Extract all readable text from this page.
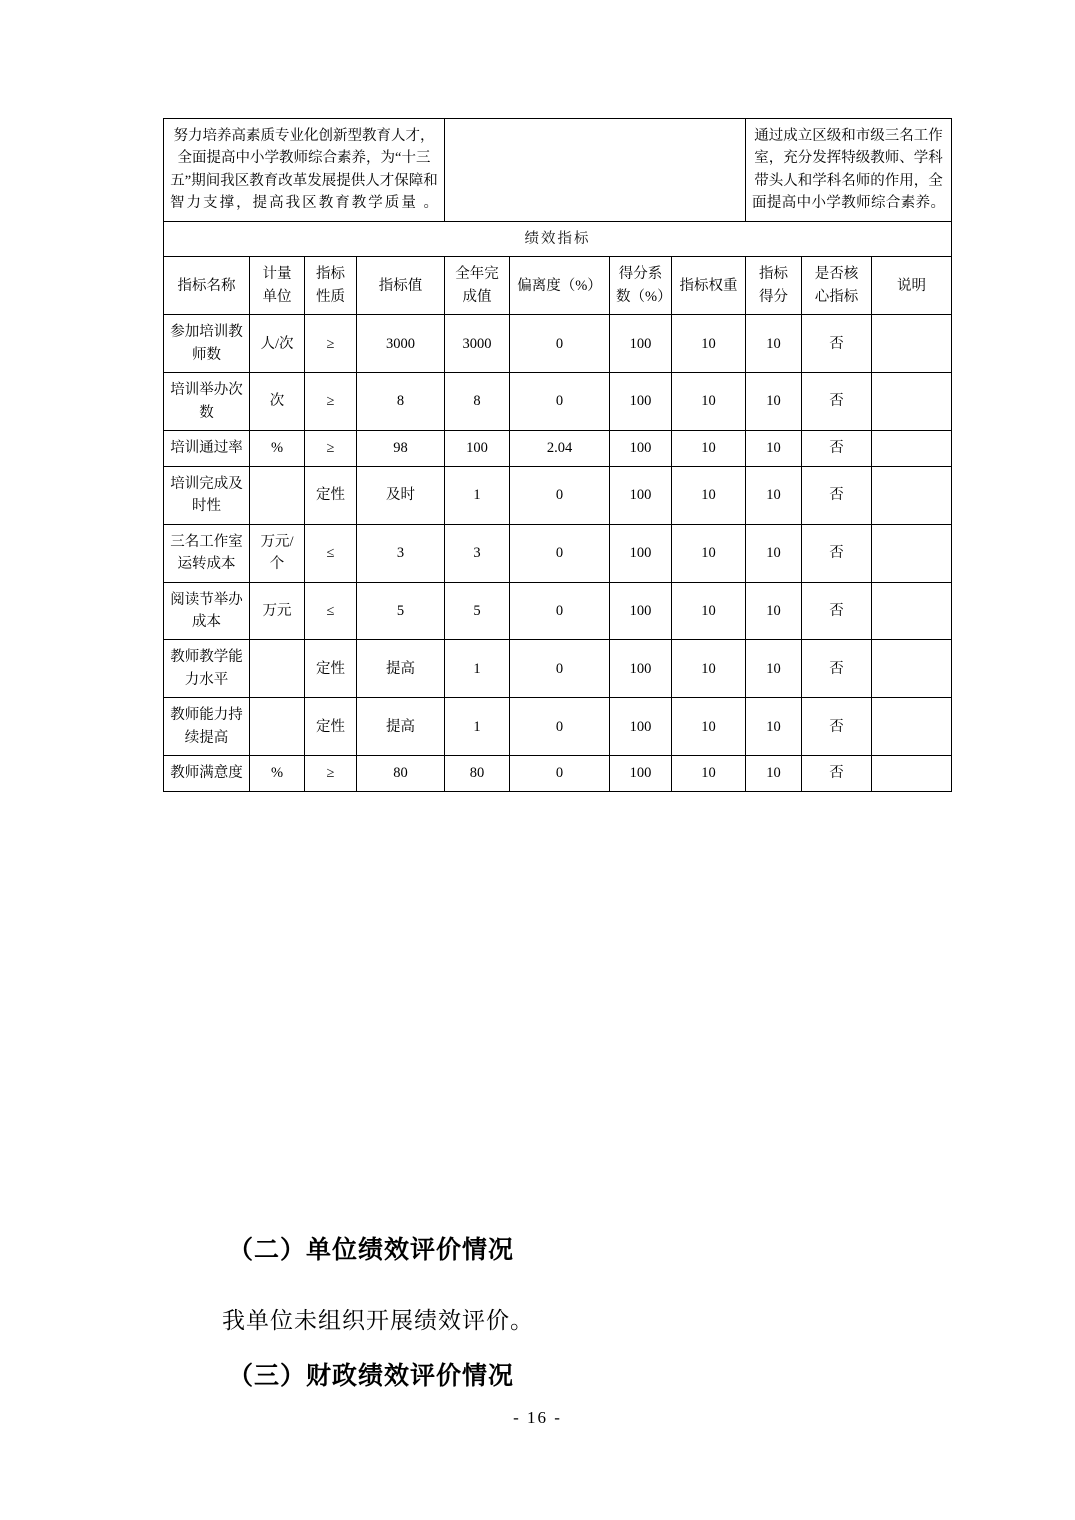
努力培养高素质专业化创新型教育人才，全面提高中小学教师综合素养，为“十三五”期间我区教育改革发展提供人才保障和智力支撑，提高我区教育教学质量 。								通过成立区级和市级三名工作室，充分发挥特级教师、学科带头人和学科名师的作用，全面提高中小学教师综合素养。		
绩效指标										
指标名称	计量单位	指标性质	指标值	全年完成值	偏离度（%）	得分系数（%）	指标权重	指标得分	是否核心指标	说明
参加培训教师数	人/次	≥	3000	3000	0	100	10	10	否	
培训举办次数	次	≥	8	8	0	100	10	10	否	
培训通过率	%	≥	98	100	2.04	100	10	10	否	
培训完成及时性		定性	及时	1	0	100	10	10	否	
三名工作室运转成本	万元/个	≤	3	3	0	100	10	10	否	
阅读节举办成本	万元	≤	5	5	0	100	10	10	否	
教师教学能力水平		定性	提高	1	0	100	10	10	否	
教师能力持续提高		定性	提高	1	0	100	10	10	否	
教师满意度	%	≥	80	80	0	100	10	10	否	
（二）单位绩效评价情况
我单位未组织开展绩效评价。
（三）财政绩效评价情况
- 16 -
